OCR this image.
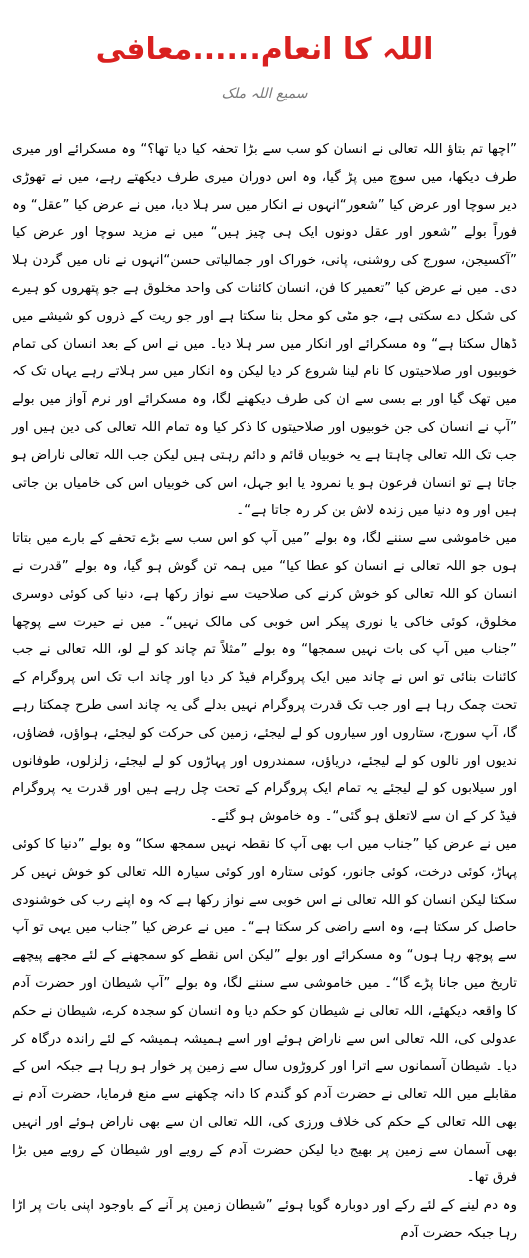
اللہ کا انعام......معافی
سمیع اللہ ملک

”اچھا تم بتاؤ اللہ تعالی نے انسان کو سب سے بڑا تحفہ کیا دیا تھا؟“ وہ مسکرائے اور میری طرف دیکھا، میں سوچ میں پڑ گیا، وہ اس دوران میری طرف دیکھتے رہے، میں نے تھوڑی دیر سوچا اور عرض کیا ”شعور“انہوں نے انکار میں سر ہلا دیا، میں نے عرض کیا ”عقل“ وہ فوراً بولے ”شعور اور عقل دونوں ایک ہی چیز ہیں“ میں نے مزید سوچا اور عرض کیا ”آکسیجن، سورج کی روشنی، پانی، خوراک اور جمالیاتی حسن“انہوں نے ناں میں گردن ہلا دی۔ میں نے عرض کیا ”تعمیر کا فن، انسان کائنات کی واحد مخلوق ہے جو پتھروں کو ہیرے کی شکل دے سکتی ہے، جو مٹی کو محل بنا سکتا ہے اور جو ریت کے ذروں کو شیشے میں ڈھال سکتا ہے“ وہ مسکرائے اور انکار میں سر ہلا دیا۔ میں نے اس کے بعد انسان کی تمام خوبیوں اور صلاحیتوں کا نام لینا شروع کر دیا لیکن وہ انکار میں سر ہلاتے رہے یہاں تک کہ میں تھک گیا اور بے بسی سے ان کی طرف دیکھنے لگا، وہ مسکرائے اور نرم آواز میں بولے ”آپ نے انسان کی جن خوبیوں اور صلاحیتوں کا ذکر کیا وہ تمام اللہ تعالی کی دین ہیں اور جب تک اللہ تعالی چاہتا ہے یہ خوبیاں قائم و دائم رہتی ہیں لیکن جب اللہ تعالی ناراض ہو جاتا ہے تو انسان فرعون ہو یا نمرود یا ابو جہل، اس کی خوبیاں اس کی خامیاں بن جاتی ہیں اور وہ دنیا میں زندہ لاش بن کر رہ جاتا ہے“۔

میں خاموشی سے سننے لگا، وہ بولے ”میں آپ کو اس سب سے بڑے تحفے کے بارے میں بتاتا ہوں جو اللہ تعالی نے انسان کو عطا کیا“ میں ہمہ تن گوش ہو گیا، وہ بولے ”قدرت نے انسان کو اللہ تعالی کو خوش کرنے کی صلاحیت سے نواز رکھا ہے، دنیا کی کوئی دوسری مخلوق، کوئی خاکی یا نوری پیکر اس خوبی کی مالک نہیں“۔ میں نے حیرت سے پوچھا ”جناب میں آپ کی بات نہیں سمجھا“ وہ بولے ”مثلاً تم چاند کو لے لو، اللہ تعالی نے جب کائنات بنائی تو اس نے چاند میں ایک پروگرام فیڈ کر دیا اور چاند اب تک اس پروگرام کے تحت چمک رہا ہے اور جب تک قدرت پروگرام نہیں بدلے گی یہ چاند اسی طرح چمکتا رہے گا، آپ سورج، ستاروں اور سیاروں کو لے لیجئے، زمین کی حرکت کو لیجئے، ہواؤں، فضاؤں، ندیوں اور نالوں کو لے لیجئے، دریاؤں، سمندروں اور پہاڑوں کو لے لیجئے، زلزلوں، طوفانوں اور سیلابوں کو لے لیجئے یہ تمام ایک پروگرام کے تحت چل رہے ہیں اور قدرت یہ پروگرام فیڈ کر کے ان سے لاتعلق ہو گئی“۔ وہ خاموش ہو گئے۔

میں نے عرض کیا ”جناب میں اب بھی آپ کا نقطہ نہیں سمجھ سکا“ وہ بولے ”دنیا کا کوئی پہاڑ، کوئی درخت، کوئی جانور، کوئی ستارہ اور کوئی سیارہ اللہ تعالی کو خوش نہیں کر سکتا لیکن انسان کو اللہ تعالی نے اس خوبی سے نواز رکھا ہے کہ وہ اپنے رب کی خوشنودی حاصل کر سکتا ہے، وہ اسے راضی کر سکتا ہے“۔ میں نے عرض کیا ”جناب میں یہی تو آپ سے پوچھ رہا ہوں“ وہ مسکرائے اور بولے ”لیکن اس نقطے کو سمجھنے کے لئے مجھے پیچھے تاریخ میں جانا پڑے گا“۔ میں خاموشی سے سننے لگا، وہ بولے ”آپ شیطان اور حضرت آدم کا واقعہ دیکھئے، اللہ تعالی نے شیطان کو حکم دیا وہ انسان کو سجدہ کرے، شیطان نے حکم عدولی کی، اللہ تعالی اس سے ناراض ہوئے اور اسے ہمیشہ ہمیشہ کے لئے راندہ درگاہ کر دیا۔ شیطان آسمانوں سے اترا اور کروڑوں سال سے زمین پر خوار ہو رہا ہے جبکہ اس کے مقابلے میں اللہ تعالی نے حضرت آدم کو گندم کا دانہ چکھنے سے منع فرمایا، حضرت آدم نے بھی اللہ تعالی کے حکم کی خلاف ورزی کی، اللہ تعالی ان سے بھی ناراض ہوئے اور انہیں بھی آسمان سے زمین پر بھیج دیا لیکن حضرت آدم کے رویے اور شیطان کے رویے میں بڑا فرق تھا۔

وہ دم لینے کے لئے رکے اور دوبارہ گویا ہوئے ”شیطان زمین پر آنے کے باوجود اپنی بات پر اڑا رہا جبکہ حضرت آدم
